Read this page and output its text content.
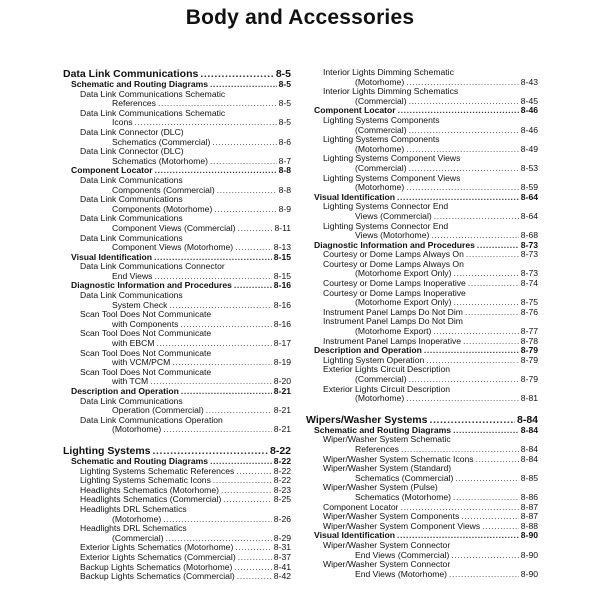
Body and Accessories
Data Link Communications .....	8-5
Schematic and Routing Diagrams .....	8-5
Data Link Communications Schematic
References .....	8-5
Data Link Communications Schematic
Icons .....	8-5
Data Link Connector (DLC)
Schematics (Commercial) .....	8-6
Data Link Connector (DLC)
Schematics (Motorhome) .....	8-7
Component Locator .....	8-8
Data Link Communications
Components (Commercial) .....	8-8
Data Link Communications
Components (Motorhome) .....	8-9
Data Link Communications
Component Views (Commercial) .....	8-11
Data Link Communications
Component Views (Motorhome) .....	8-13
Visual Identification .....	8-15
Data Link Communications Connector
End Views .....	8-15
Diagnostic Information and Procedures .....	8-16
Data Link Communications
System Check .....	8-16
Scan Tool Does Not Communicate
with Components .....	8-16
Scan Tool Does Not Communicate
with EBCM .....	8-17
Scan Tool Does Not Communicate
with VCM/PCM .....	8-19
Scan Tool Does Not Communicate
with TCM .....	8-20
Description and Operation .....	8-21
Data Link Communications
Operation (Commercial) .....	8-21
Data Link Communications Operation
(Motorhome) .....	8-21
Lighting Systems .....	8-22
Schematic and Routing Diagrams .....	8-22
Lighting Systems Schematic References .....	8-22
Lighting Systems Schematic Icons .....	8-22
Headlights Schematics (Motorhome) .....	8-23
Headlights Schematics (Commercial) .....	8-25
Headlights DRL Schematics
(Motorhome) .....	8-26
Headlights DRL Schematics
(Commercial) .....	8-29
Exterior Lights Schematics (Motorhome) .....	8-31
Exterior Lights Schematics (Commercial) .....	8-37
Backup Lights Schematics (Motorhome) .....	8-41
Backup Lights Schematics (Commercial) .....	8-42
Interior Lights Dimming Schematic
(Motorhome) .....	8-43
Interior Lights Dimming Schematics
(Commercial) .....	8-45
Component Locator .....	8-46
Lighting Systems Components
(Commercial) .....	8-46
Lighting Systems Components
(Motorhome) .....	8-49
Lighting Systems Component Views
(Commercial) .....	8-53
Lighting Systems Component Views
(Motorhome) .....	8-59
Visual Identification .....	8-64
Lighting Systems Connector End
Views (Commercial) .....	8-64
Lighting Systems Connector End
Views (Motorhome) .....	8-68
Diagnostic Information and Procedures .....	8-73
Courtesy or Dome Lamps Always On .....	8-73
Courtesy or Dome Lamps Always On
(Motorhome Export Only) .....	8-73
Courtesy or Dome Lamps Inoperative .....	8-74
Courtesy or Dome Lamps Inoperative
(Motorhome Export Only) .....	8-75
Instrument Panel Lamps Do Not Dim .....	8-76
Instrument Panel Lamps Do Not Dim
(Motorhome Export) .....	8-77
Instrument Panel Lamps Inoperative .....	8-78
Description and Operation .....	8-79
Lighting System Operation .....	8-79
Exterior Lights Circuit Description
(Commercial) .....	8-79
Exterior Lights Circuit Description
(Motorhome) .....	8-81
Wipers/Washer Systems .....	8-84
Schematic and Routing Diagrams .....	8-84
Wiper/Washer System Schematic
References .....	8-84
Wiper/Washer System Schematic Icons .....	8-84
Wiper/Washer System (Standard)
Schematics (Commercial) .....	8-85
Wiper/Washer System (Pulse)
Schematics (Motorhome) .....	8-86
Component Locator .....	8-87
Wiper/Washer System Components .....	8-87
Wiper/Washer System Component Views .....	8-88
Visual Identification .....	8-90
Wiper/Washer System Connector
End Views (Commercial) .....	8-90
Wiper/Washer System Connector
End Views (Motorhome) .....	8-90
